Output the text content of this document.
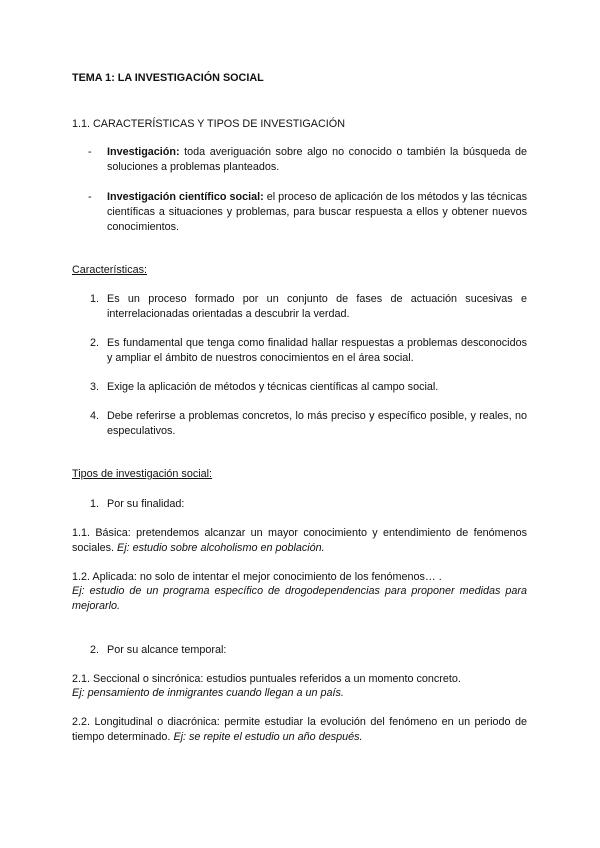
TEMA 1: LA INVESTIGACIÓN SOCIAL

1.1. CARACTERÍSTICAS Y TIPOS DE INVESTIGACIÓN

- Investigación: toda averiguación sobre algo no conocido o también la búsqueda de soluciones a problemas planteados.

- Investigación científico social: el proceso de aplicación de los métodos y las técnicas científicas a situaciones y problemas, para buscar respuesta a ellos y obtener nuevos conocimientos.

Características:

1. Es un proceso formado por un conjunto de fases de actuación sucesivas e interrelacionadas orientadas a descubrir la verdad.

2. Es fundamental que tenga como finalidad hallar respuestas a problemas desconocidos y ampliar el ámbito de nuestros conocimientos en el área social.

3. Exige la aplicación de métodos y técnicas científicas al campo social.

4. Debe referirse a problemas concretos, lo más preciso y específico posible, y reales, no especulativos.

Tipos de investigación social:

1. Por su finalidad:

1.1. Básica: pretendemos alcanzar un mayor conocimiento y entendimiento de fenómenos sociales. Ej: estudio sobre alcoholismo en población.

1.2. Aplicada: no solo de intentar el mejor conocimiento de los fenómenos… .

Ej: estudio de un programa específico de drogodependencias para proponer medidas para mejorarlo.

2. Por su alcance temporal:

2.1. Seccional o sincrónica: estudios puntuales referidos a un momento concreto.

Ej: pensamiento de inmigrantes cuando llegan a un país.

2.2. Longitudinal o diacrónica: permite estudiar la evolución del fenómeno en un periodo de tiempo determinado. Ej: se repite el estudio un año después.
